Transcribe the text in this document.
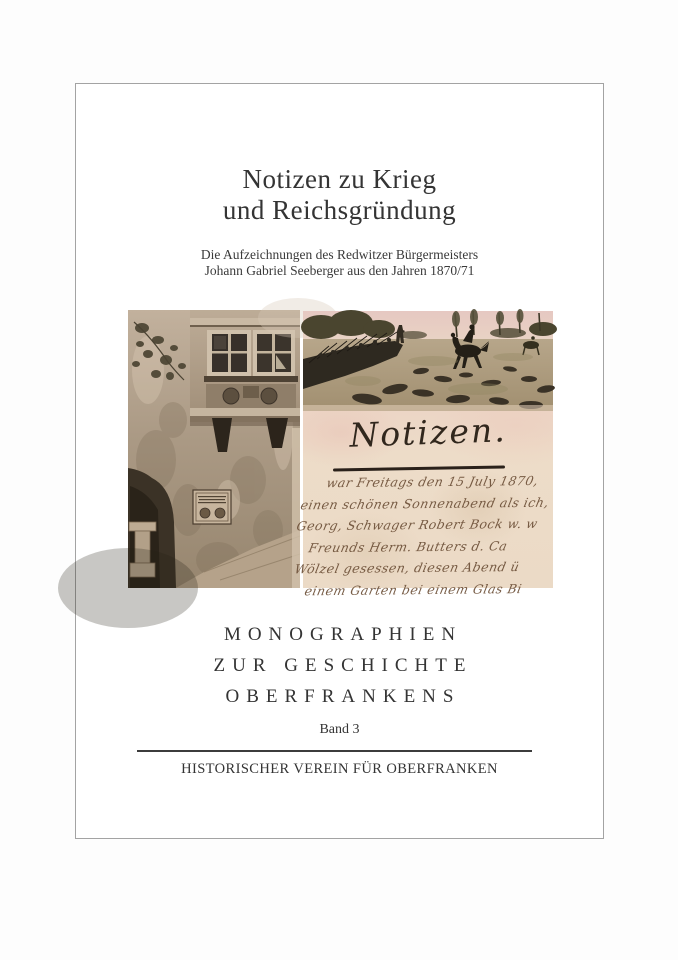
Notizen zu Krieg
und Reichsgründung
Die Aufzeichnungen des Redwitzer Bürgermeisters
Johann Gabriel Seeberger aus den Jahren 1870/71
Notizen.
war Freitags den 15 July 1870,
einen schönen Sonnenabend als ich,
Georg, Schwager Robert Bock w. w
Freunds Herm. Butters d. Ca
Wölzel gesessen, diesen Abend ü
einem Garten bei einem Glas Bi
MONOGRAPHIEN
ZUR GESCHICHTE
OBERFRANKENS
Band 3
HISTORISCHER VEREIN FÜR OBERFRANKEN
